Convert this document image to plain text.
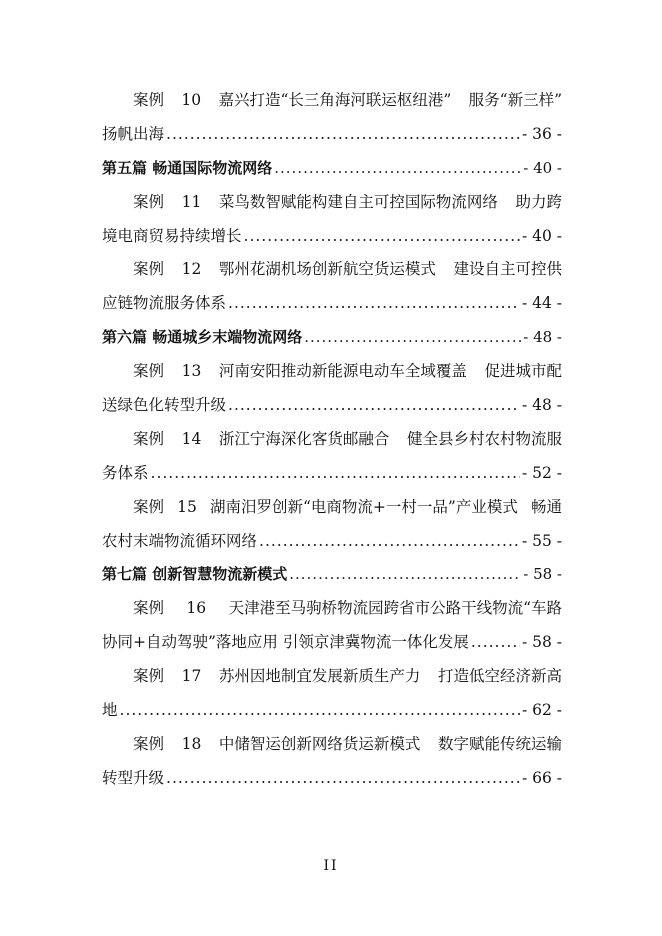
案例 10 嘉兴打造“长三角海河联运枢纽港” 服务“新三样”
扬帆出海 .....	- 36 -
第五篇 畅通国际物流网络 .....	- 40 -
案例 11 菜鸟数智赋能构建自主可控国际物流网络 助力跨
境电商贸易持续增长 .....	- 40 -
案例 12 鄂州花湖机场创新航空货运模式 建设自主可控供
应链物流服务体系 .....	- 44 -
第六篇 畅通城乡末端物流网络 .....	- 48 -
案例 13 河南安阳推动新能源电动车全域覆盖 促进城市配
送绿色化转型升级 .....	- 48 -
案例 14 浙江宁海深化客货邮融合 健全县乡村农村物流服
务体系 .....	- 52 -
案例 15 湖南汨罗创新“电商物流+一村一品”产业模式 畅通
农村末端物流循环网络 .....	- 55 -
第七篇 创新智慧物流新模式 .....	- 58 -
案例 16 天津港至马驹桥物流园跨省市公路干线物流“车路
协同+自动驾驶”落地应用 引领京津冀物流一体化发展 .....	- 58 -
案例 17 苏州因地制宜发展新质生产力 打造低空经济新高
地 .....	- 62 -
案例 18 中储智运创新网络货运新模式 数字赋能传统运输
转型升级 .....	- 66 -
II
